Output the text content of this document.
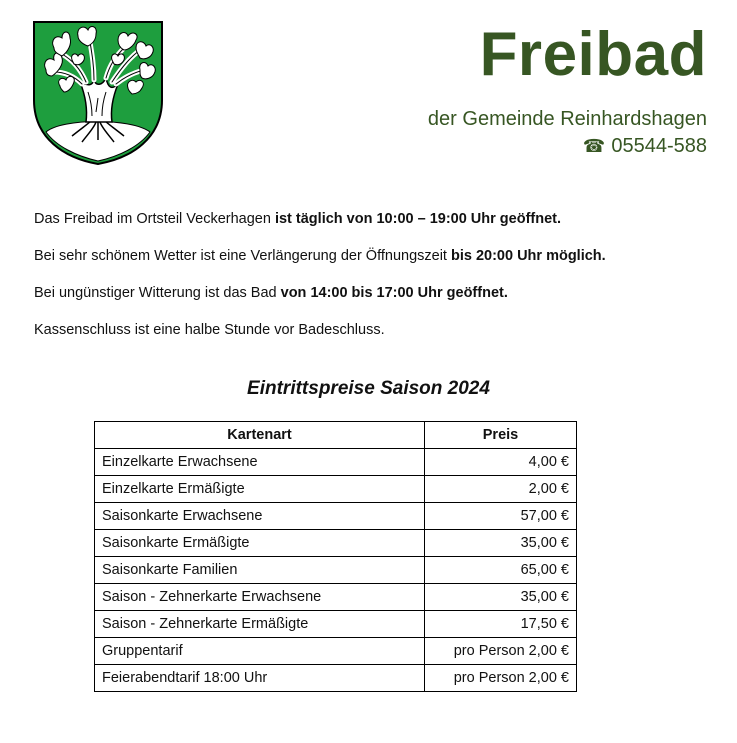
Freibad
der Gemeinde Reinhardshagen
☎ 05544-588

Das Freibad im Ortsteil Veckerhagen ist täglich von 10:00 – 19:00 Uhr geöffnet.

Bei sehr schönem Wetter ist eine Verlängerung der Öffnungszeit bis 20:00 Uhr möglich.

Bei ungünstiger Witterung ist das Bad von 14:00 bis 17:00 Uhr geöffnet.

Kassenschluss ist eine halbe Stunde vor Badeschluss.

Eintrittspreise Saison 2024
Kartenart	Preis
Einzelkarte Erwachsene	4,00 €
Einzelkarte Ermäßigte	2,00 €
Saisonkarte Erwachsene	57,00 €
Saisonkarte Ermäßigte	35,00 €
Saisonkarte Familien	65,00 €
Saison - Zehnerkarte Erwachsene	35,00 €
Saison - Zehnerkarte Ermäßigte	17,50 €
Gruppentarif	pro Person 2,00 €
Feierabendtarif 18:00 Uhr	pro Person 2,00 €
